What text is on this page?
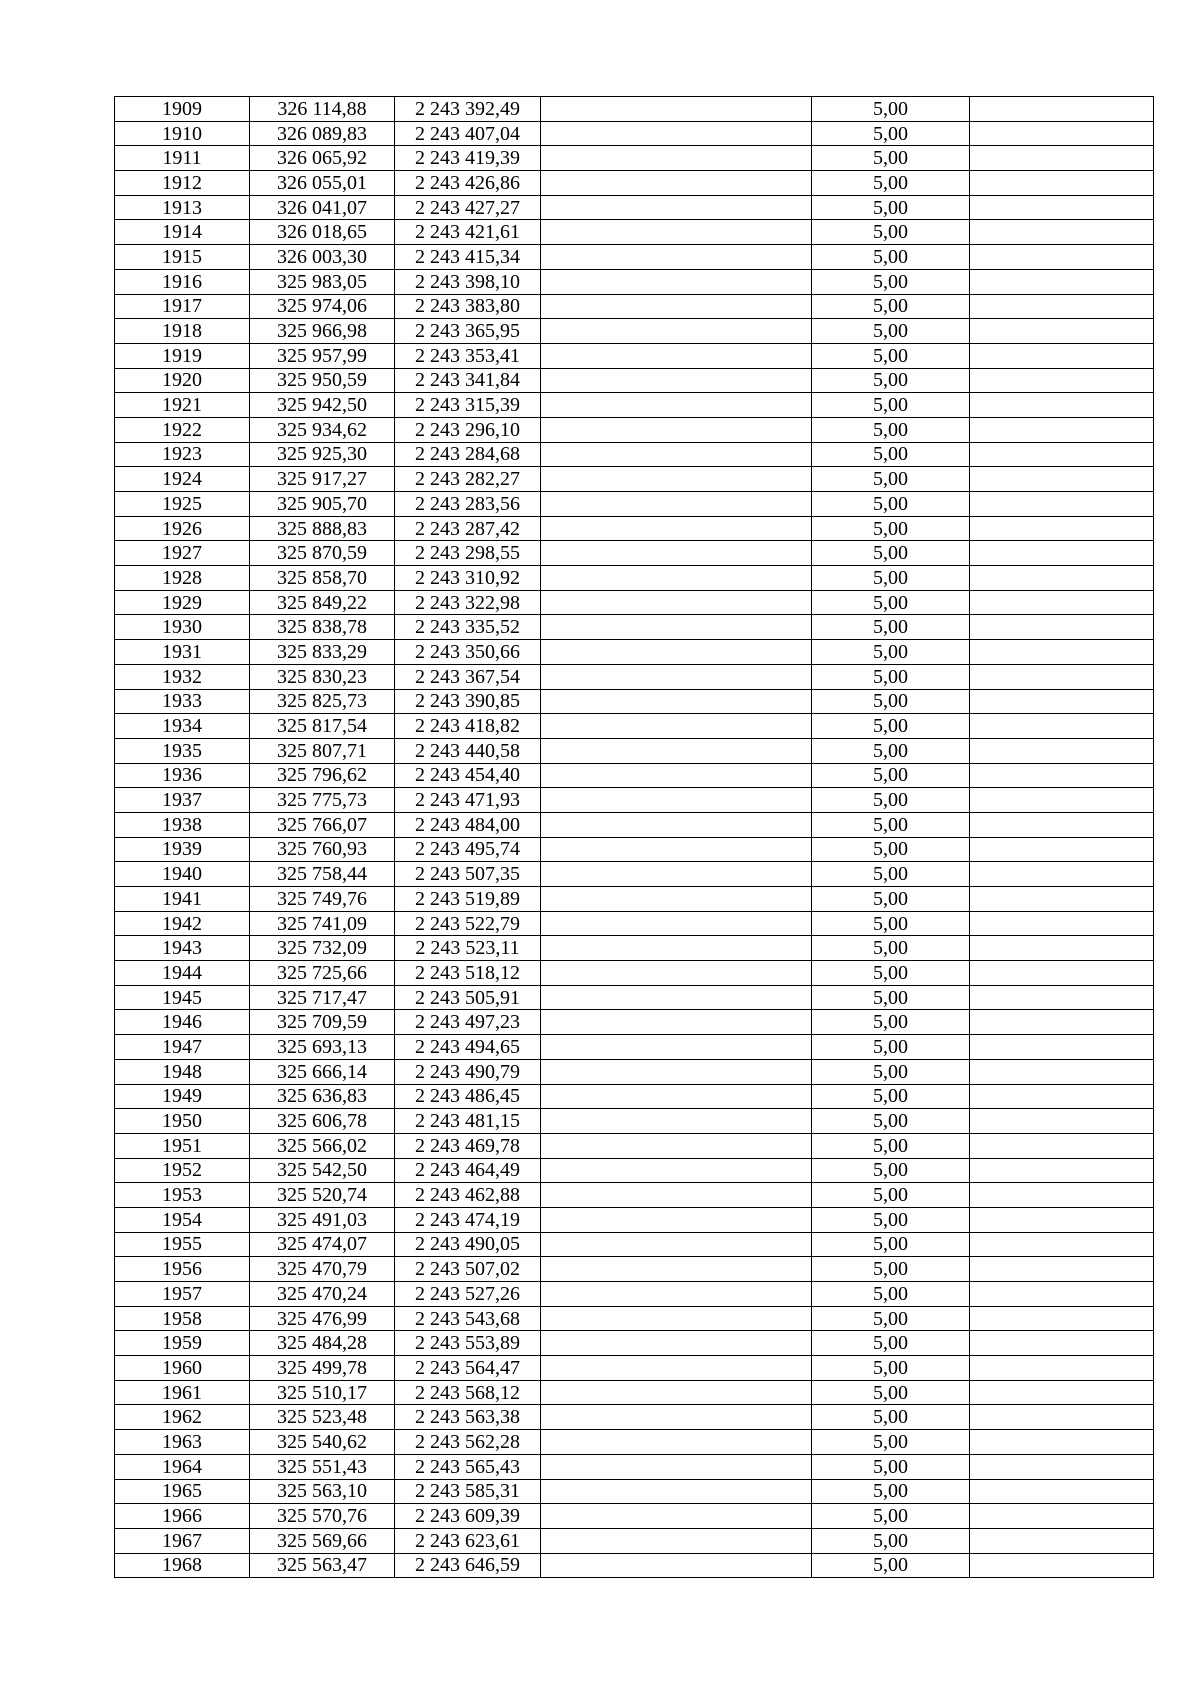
1909	326 114,88	2 243 392,49		5,00	
1910	326 089,83	2 243 407,04		5,00	
1911	326 065,92	2 243 419,39		5,00	
1912	326 055,01	2 243 426,86		5,00	
1913	326 041,07	2 243 427,27		5,00	
1914	326 018,65	2 243 421,61		5,00	
1915	326 003,30	2 243 415,34		5,00	
1916	325 983,05	2 243 398,10		5,00	
1917	325 974,06	2 243 383,80		5,00	
1918	325 966,98	2 243 365,95		5,00	
1919	325 957,99	2 243 353,41		5,00	
1920	325 950,59	2 243 341,84		5,00	
1921	325 942,50	2 243 315,39		5,00	
1922	325 934,62	2 243 296,10		5,00	
1923	325 925,30	2 243 284,68		5,00	
1924	325 917,27	2 243 282,27		5,00	
1925	325 905,70	2 243 283,56		5,00	
1926	325 888,83	2 243 287,42		5,00	
1927	325 870,59	2 243 298,55		5,00	
1928	325 858,70	2 243 310,92		5,00	
1929	325 849,22	2 243 322,98		5,00	
1930	325 838,78	2 243 335,52		5,00	
1931	325 833,29	2 243 350,66		5,00	
1932	325 830,23	2 243 367,54		5,00	
1933	325 825,73	2 243 390,85		5,00	
1934	325 817,54	2 243 418,82		5,00	
1935	325 807,71	2 243 440,58		5,00	
1936	325 796,62	2 243 454,40		5,00	
1937	325 775,73	2 243 471,93		5,00	
1938	325 766,07	2 243 484,00		5,00	
1939	325 760,93	2 243 495,74		5,00	
1940	325 758,44	2 243 507,35		5,00	
1941	325 749,76	2 243 519,89		5,00	
1942	325 741,09	2 243 522,79		5,00	
1943	325 732,09	2 243 523,11		5,00	
1944	325 725,66	2 243 518,12		5,00	
1945	325 717,47	2 243 505,91		5,00	
1946	325 709,59	2 243 497,23		5,00	
1947	325 693,13	2 243 494,65		5,00	
1948	325 666,14	2 243 490,79		5,00	
1949	325 636,83	2 243 486,45		5,00	
1950	325 606,78	2 243 481,15		5,00	
1951	325 566,02	2 243 469,78		5,00	
1952	325 542,50	2 243 464,49		5,00	
1953	325 520,74	2 243 462,88		5,00	
1954	325 491,03	2 243 474,19		5,00	
1955	325 474,07	2 243 490,05		5,00	
1956	325 470,79	2 243 507,02		5,00	
1957	325 470,24	2 243 527,26		5,00	
1958	325 476,99	2 243 543,68		5,00	
1959	325 484,28	2 243 553,89		5,00	
1960	325 499,78	2 243 564,47		5,00	
1961	325 510,17	2 243 568,12		5,00	
1962	325 523,48	2 243 563,38		5,00	
1963	325 540,62	2 243 562,28		5,00	
1964	325 551,43	2 243 565,43		5,00	
1965	325 563,10	2 243 585,31		5,00	
1966	325 570,76	2 243 609,39		5,00	
1967	325 569,66	2 243 623,61		5,00	
1968	325 563,47	2 243 646,59		5,00	
